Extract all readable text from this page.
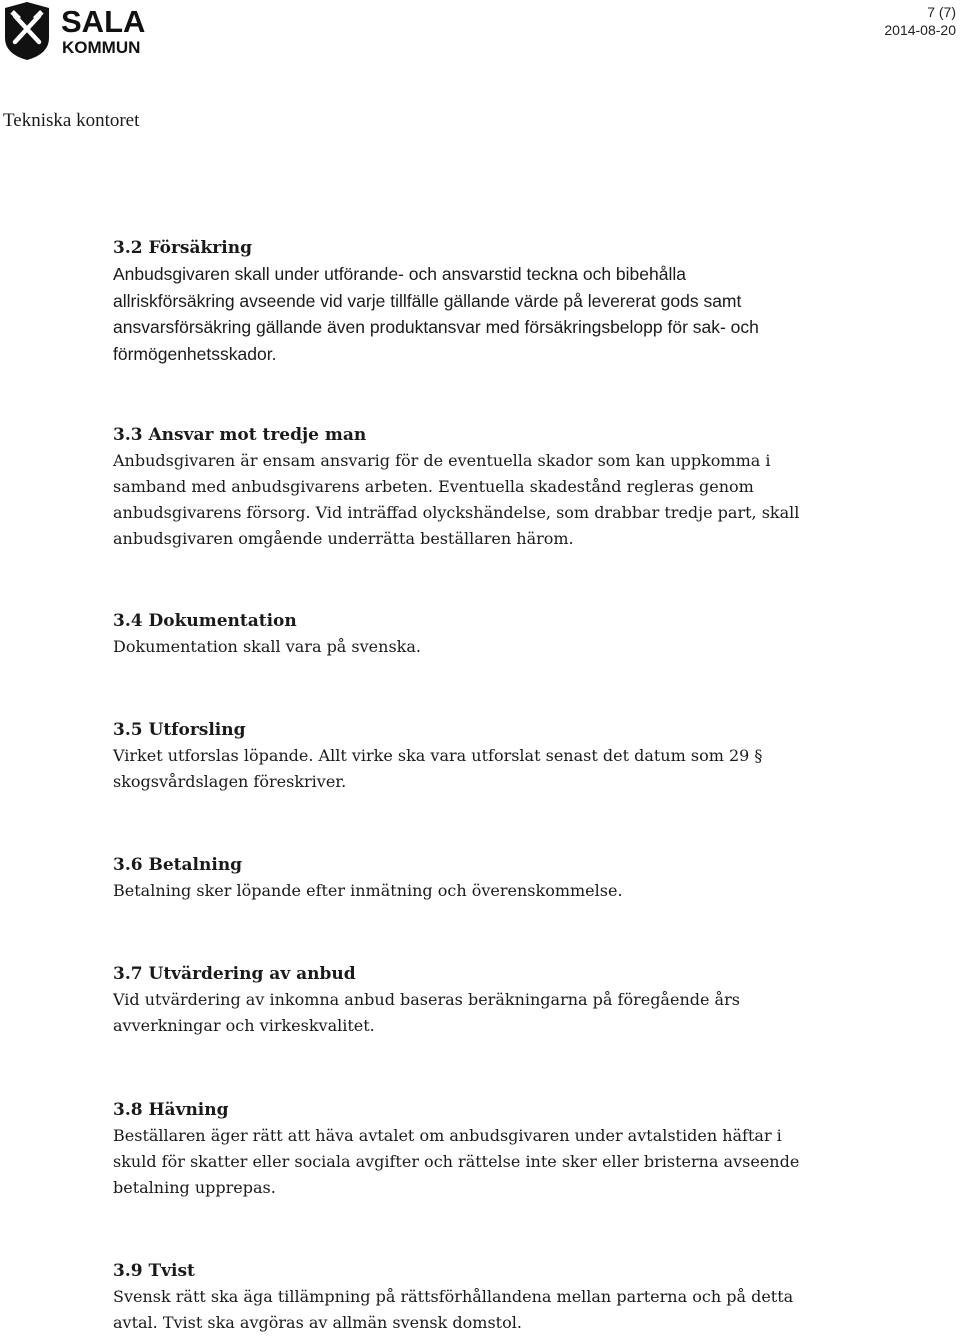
SALA
KOMMUN
7 (7)
2014-08-20
Tekniska kontoret
3.2 Försäkring

Anbudsgivaren skall under utförande- och ansvarstid teckna och bibehålla

allriskförsäkring avseende vid varje tillfälle gällande värde på levererat gods samt

ansvarsförsäkring gällande även produktansvar med försäkringsbelopp för sak- och

förmögenhetsskador.

3.3 Ansvar mot tredje man

Anbudsgivaren är ensam ansvarig för de eventuella skador som kan uppkomma i

samband med anbudsgivarens arbeten. Eventuella skadestånd regleras genom

anbudsgivarens försorg. Vid inträffad olyckshändelse, som drabbar tredje part, skall

anbudsgivaren omgående underrätta beställaren härom.

3.4 Dokumentation

Dokumentation skall vara på svenska.

3.5 Utforsling

Virket utforslas löpande. Allt virke ska vara utforslat senast det datum som 29 §

skogsvårdslagen föreskriver.

3.6 Betalning

Betalning sker löpande efter inmätning och överenskommelse.

3.7 Utvärdering av anbud

Vid utvärdering av inkomna anbud baseras beräkningarna på föregående års

avverkningar och virkeskvalitet.

3.8 Hävning

Beställaren äger rätt att häva avtalet om anbudsgivaren under avtalstiden häftar i

skuld för skatter eller sociala avgifter och rättelse inte sker eller bristerna avseende

betalning upprepas.

3.9 Tvist

Svensk rätt ska äga tillämpning på rättsförhållandena mellan parterna och på detta

avtal. Tvist ska avgöras av allmän svensk domstol.
